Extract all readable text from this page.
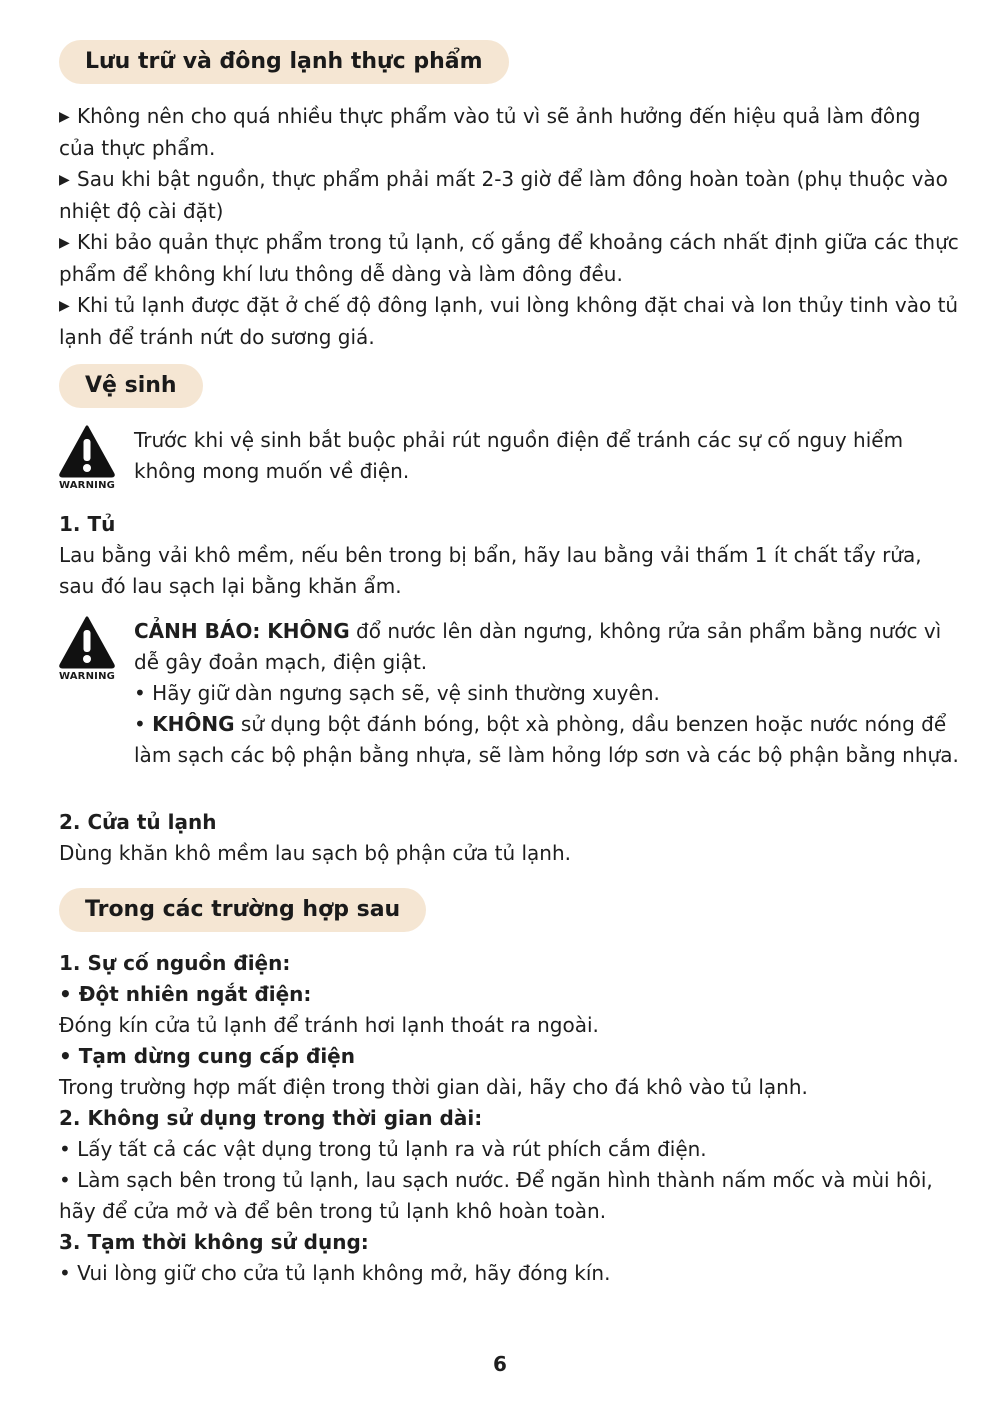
Lưu trữ và đông lạnh thực phẩm

▶ Không nên cho quá nhiều thực phẩm vào tủ vì sẽ ảnh hưởng đến hiệu quả làm đông của thực phẩm.

▶ Sau khi bật nguồn, thực phẩm phải mất 2-3 giờ để làm đông hoàn toàn (phụ thuộc vào nhiệt độ cài đặt)

▶ Khi bảo quản thực phẩm trong tủ lạnh, cố gắng để khoảng cách nhất định giữa các thực phẩm để không khí lưu thông dễ dàng và làm đông đều.

▶ Khi tủ lạnh được đặt ở chế độ đông lạnh, vui lòng không đặt chai và lon thủy tinh vào tủ lạnh để tránh nứt do sương giá.

Vệ sinh
WARNING

Trước khi vệ sinh bắt buộc phải rút nguồn điện để tránh các sự cố nguy hiểm không mong muốn về điện.

1. Tủ

Lau bằng vải khô mềm, nếu bên trong bị bẩn, hãy lau bằng vải thấm 1 ít chất tẩy rửa, sau đó lau sạch lại bằng khăn ẩm.

WARNING

CẢNH BÁO: KHÔNG đổ nước lên dàn ngưng, không rửa sản phẩm bằng nước vì dễ gây đoản mạch, điện giật.

• Hãy giữ dàn ngưng sạch sẽ, vệ sinh thường xuyên.

• KHÔNG sử dụng bột đánh bóng, bột xà phòng, dầu benzen hoặc nước nóng để làm sạch các bộ phận bằng nhựa, sẽ làm hỏng lớp sơn và các bộ phận bằng nhựa.

2. Cửa tủ lạnh

Dùng khăn khô mềm lau sạch bộ phận cửa tủ lạnh.

Trong các trường hợp sau

1. Sự cố nguồn điện:

• Đột nhiên ngắt điện:

Đóng kín cửa tủ lạnh để tránh hơi lạnh thoát ra ngoài.

• Tạm dừng cung cấp điện

Trong trường hợp mất điện trong thời gian dài, hãy cho đá khô vào tủ lạnh.

2. Không sử dụng trong thời gian dài:

• Lấy tất cả các vật dụng trong tủ lạnh ra và rút phích cắm điện.

• Làm sạch bên trong tủ lạnh, lau sạch nước. Để ngăn hình thành nấm mốc và mùi hôi, hãy để cửa mở và để bên trong tủ lạnh khô hoàn toàn.

3. Tạm thời không sử dụng:

• Vui lòng giữ cho cửa tủ lạnh không mở, hãy đóng kín.

6
